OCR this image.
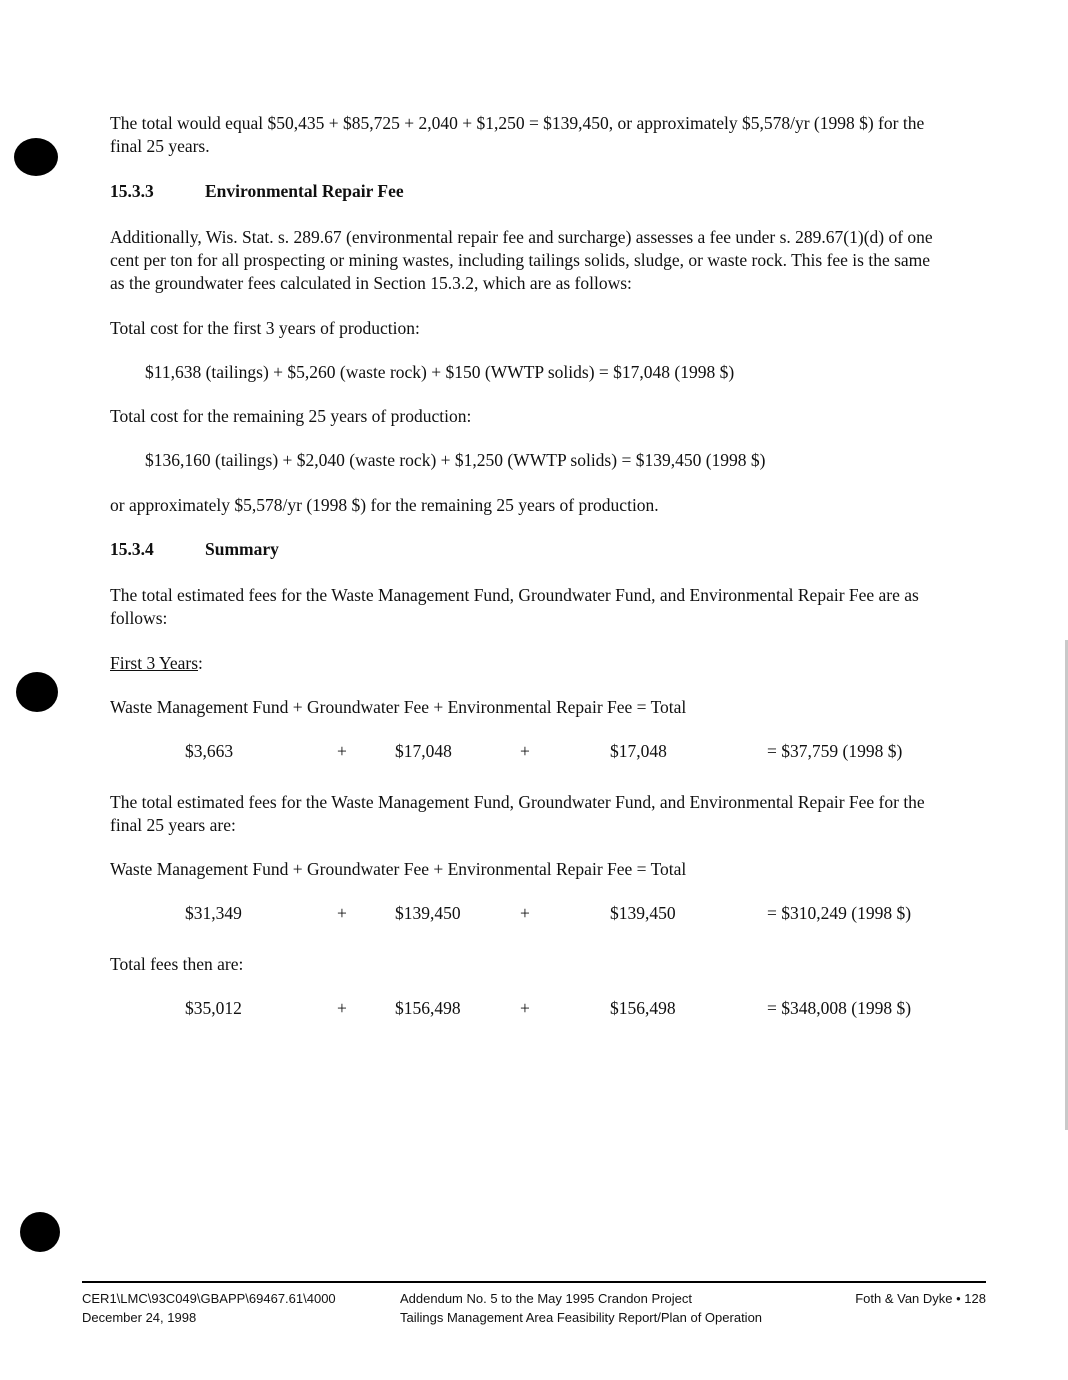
The total would equal $50,435 + $85,725 + 2,040 + $1,250 = $139,450, or approximately $5,578/yr (1998 $) for the final 25 years.

15.3.3	Environmental Repair Fee

Additionally, Wis. Stat. s. 289.67 (environmental repair fee and surcharge) assesses a fee under s. 289.67(1)(d) of one cent per ton for all prospecting or mining wastes, including tailings solids, sludge, or waste rock. This fee is the same as the groundwater fees calculated in Section 15.3.2, which are as follows:

Total cost for the first 3 years of production:

$11,638 (tailings) + $5,260 (waste rock) + $150 (WWTP solids) = $17,048 (1998 $)

Total cost for the remaining 25 years of production:

$136,160 (tailings) + $2,040 (waste rock) + $1,250 (WWTP solids) = $139,450 (1998 $)

or approximately $5,578/yr (1998 $) for the remaining 25 years of production.

15.3.4	Summary

The total estimated fees for the Waste Management Fund, Groundwater Fund, and Environmental Repair Fee are as follows:

First 3 Years:

Waste Management Fund + Groundwater Fee + Environmental Repair Fee = Total

$3,663	+	$17,048	+	$17,048	= $37,759 (1998 $)

The total estimated fees for the Waste Management Fund, Groundwater Fund, and Environmental Repair Fee for the final 25 years are:

Waste Management Fund + Groundwater Fee + Environmental Repair Fee = Total

$31,349	+	$139,450	+	$139,450	= $310,249 (1998 $)

Total fees then are:

$35,012	+	$156,498	+	$156,498	= $348,008 (1998 $)
CER1\LMC\93C049\GBAPP\69467.61\4000
December 24, 1998
Addendum No. 5 to the May 1995 Crandon Project
Tailings Management Area Feasibility Report/Plan of Operation
Foth & Van Dyke • 128
